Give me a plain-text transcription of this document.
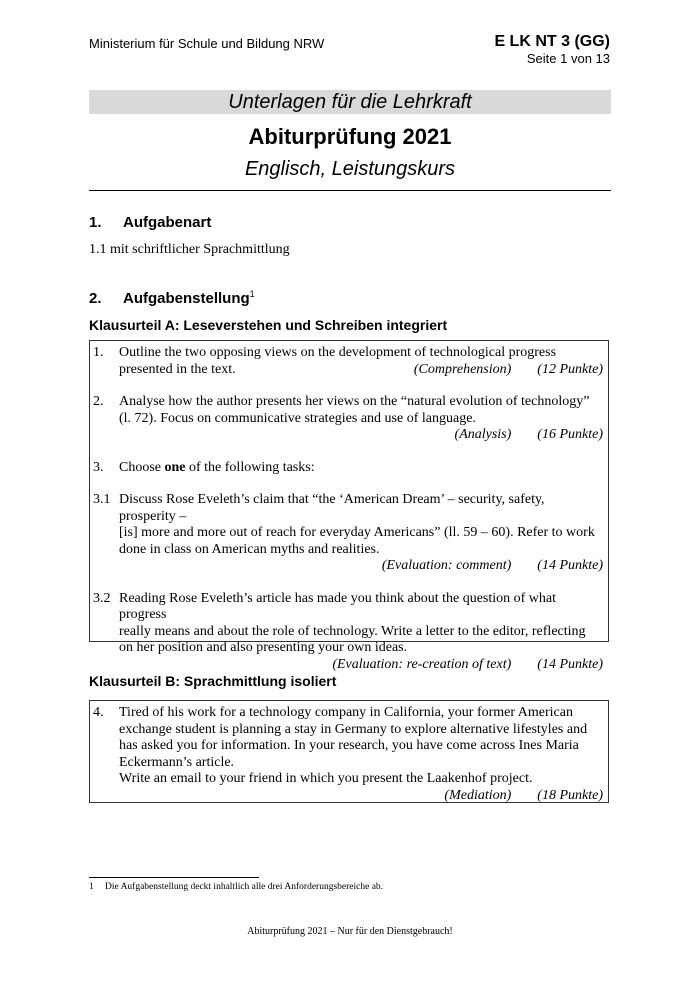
Ministerium für Schule und Bildung NRW	E LK NT 3 (GG)
Seite 1 von 13
Unterlagen für die Lehrkraft
Abiturprüfung 2021
Englisch, Leistungskurs
1. Aufgabenart
1.1 mit schriftlicher Sprachmittlung
2. Aufgabenstellung$^1$
Klausurteil A: Leseverstehen und Schreiben integriert
1. Outline the two opposing views on the development of technological progress
presented in the text.	(Comprehension) (12 Punkte)
2. Analyse how the author presents her views on the “natural evolution of technology”
(l. 72). Focus on communicative strategies and use of language.
(Analysis) (16 Punkte)
3. Choose one of the following tasks:
3.1 Discuss Rose Eveleth’s claim that “the ‘American Dream’ – security, safety, prosperity –
[is] more and more out of reach for everyday Americans” (ll. 59 – 60). Refer to work
done in class on American myths and realities.
(Evaluation: comment) (14 Punkte)
3.2 Reading Rose Eveleth’s article has made you think about the question of what progress
really means and about the role of technology. Write a letter to the editor, reflecting
on her position and also presenting your own ideas.
(Evaluation: re-creation of text) (14 Punkte)
Klausurteil B: Sprachmittlung isoliert
4. Tired of his work for a technology company in California, your former American
exchange student is planning a stay in Germany to explore alternative lifestyles and
has asked you for information. In your research, you have come across Ines Maria
Eckermann’s article.
Write an email to your friend in which you present the Laakenhof project.
(Mediation) (18 Punkte)
1 Die Aufgabenstellung deckt inhaltlich alle drei Anforderungsbereiche ab.
Abiturprüfung 2021 – Nur für den Dienstgebrauch!
